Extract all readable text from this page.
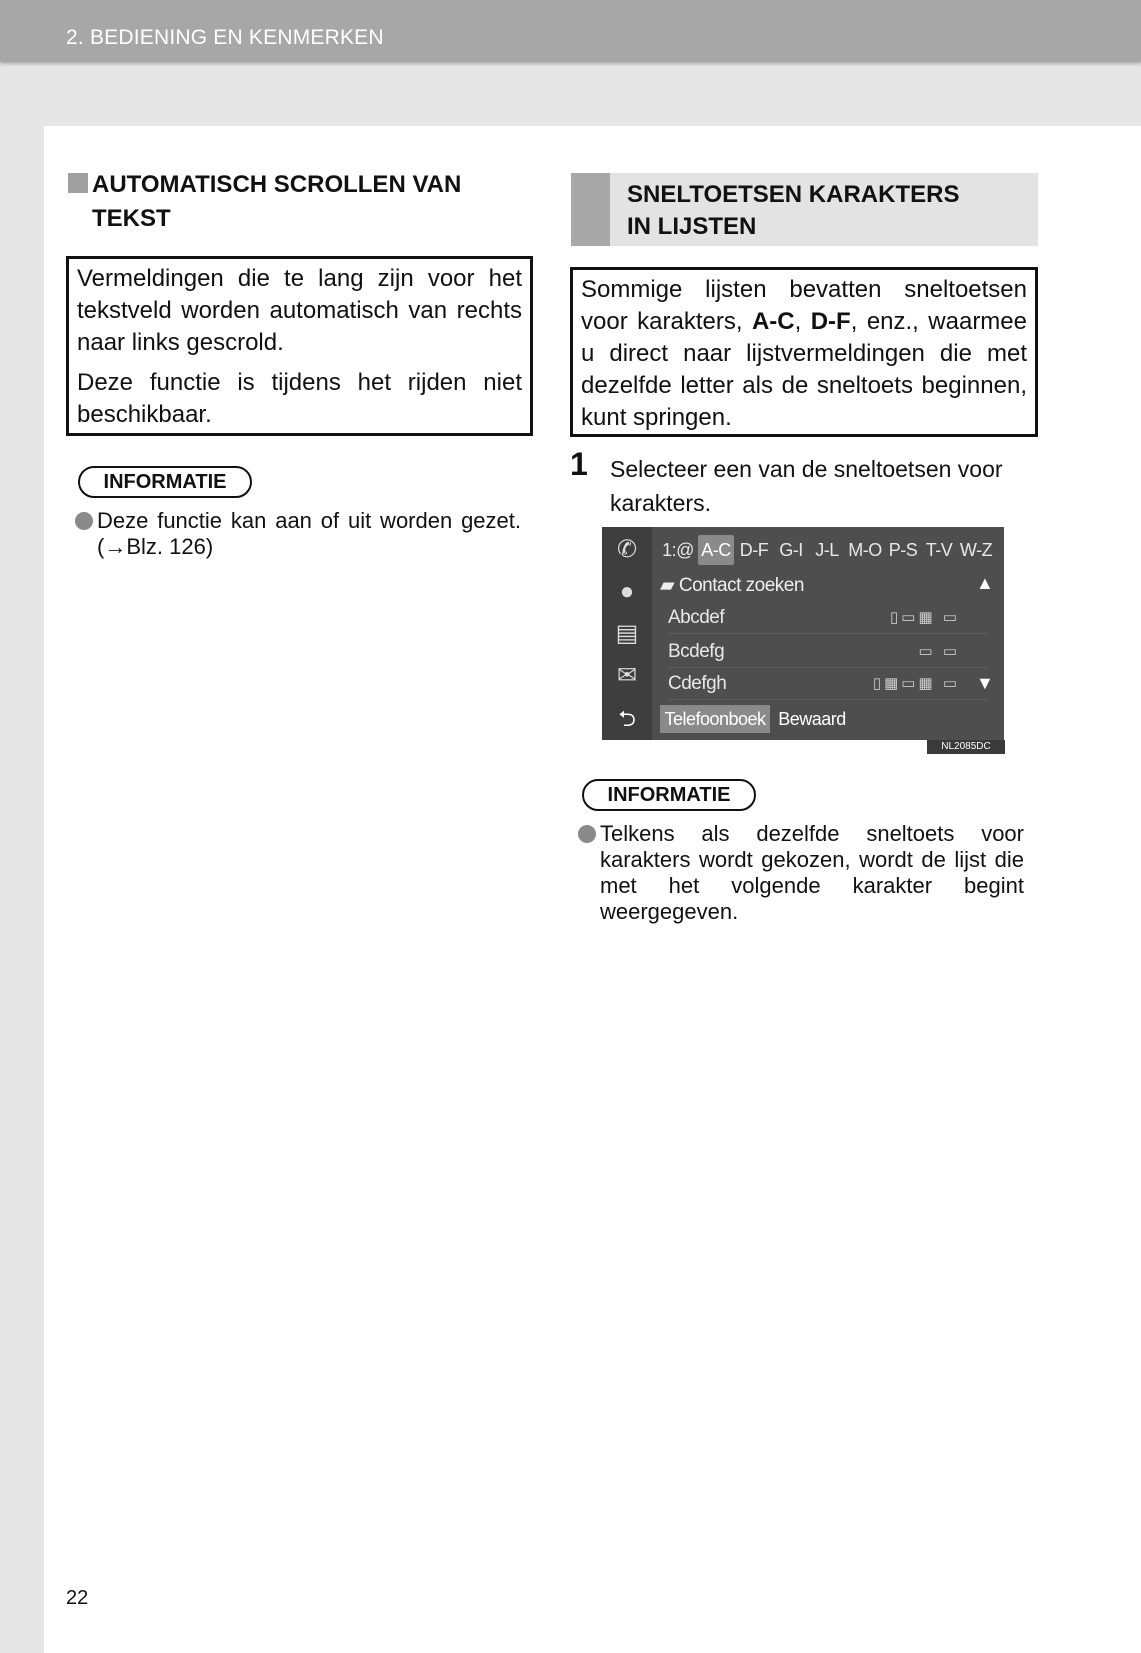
2. BEDIENING EN KENMERKEN
AUTOMATISCH SCROLLEN VAN TEKST

Vermeldingen die te lang zijn voor het tekstveld worden automatisch van rechts naar links gescrold.

Deze functie is tijdens het rijden niet beschikbaar.

INFORMATIE
Deze functie kan aan of uit worden gezet. (→Blz. 126)
SNELTOETSEN KARAKTERS
IN LIJSTEN

Sommige lijsten bevatten sneltoetsen voor karakters, A-C, D-F, enz., waarmee u direct naar lijstvermeldingen die met dezelfde letter als de sneltoets beginnen, kunt springen.

1 Selecteer een van de sneltoetsen voor karakters.
✆
●
▤
✉
1:@ A-C D-F G-I J-L M-O P-S T-V W-Z
▰ Contact zoeken	▲
Abcdef	▯▭▦ ▭
Bcdefg	▭ ▭
Cdefgh	▯▦▭▦ ▭ ▼
⮌	Telefoonboek Bewaard
NL2085DC
INFORMATIE
Telkens als dezelfde sneltoets voor karakters wordt gekozen, wordt de lijst die met het volgende karakter begint weergegeven.
22
